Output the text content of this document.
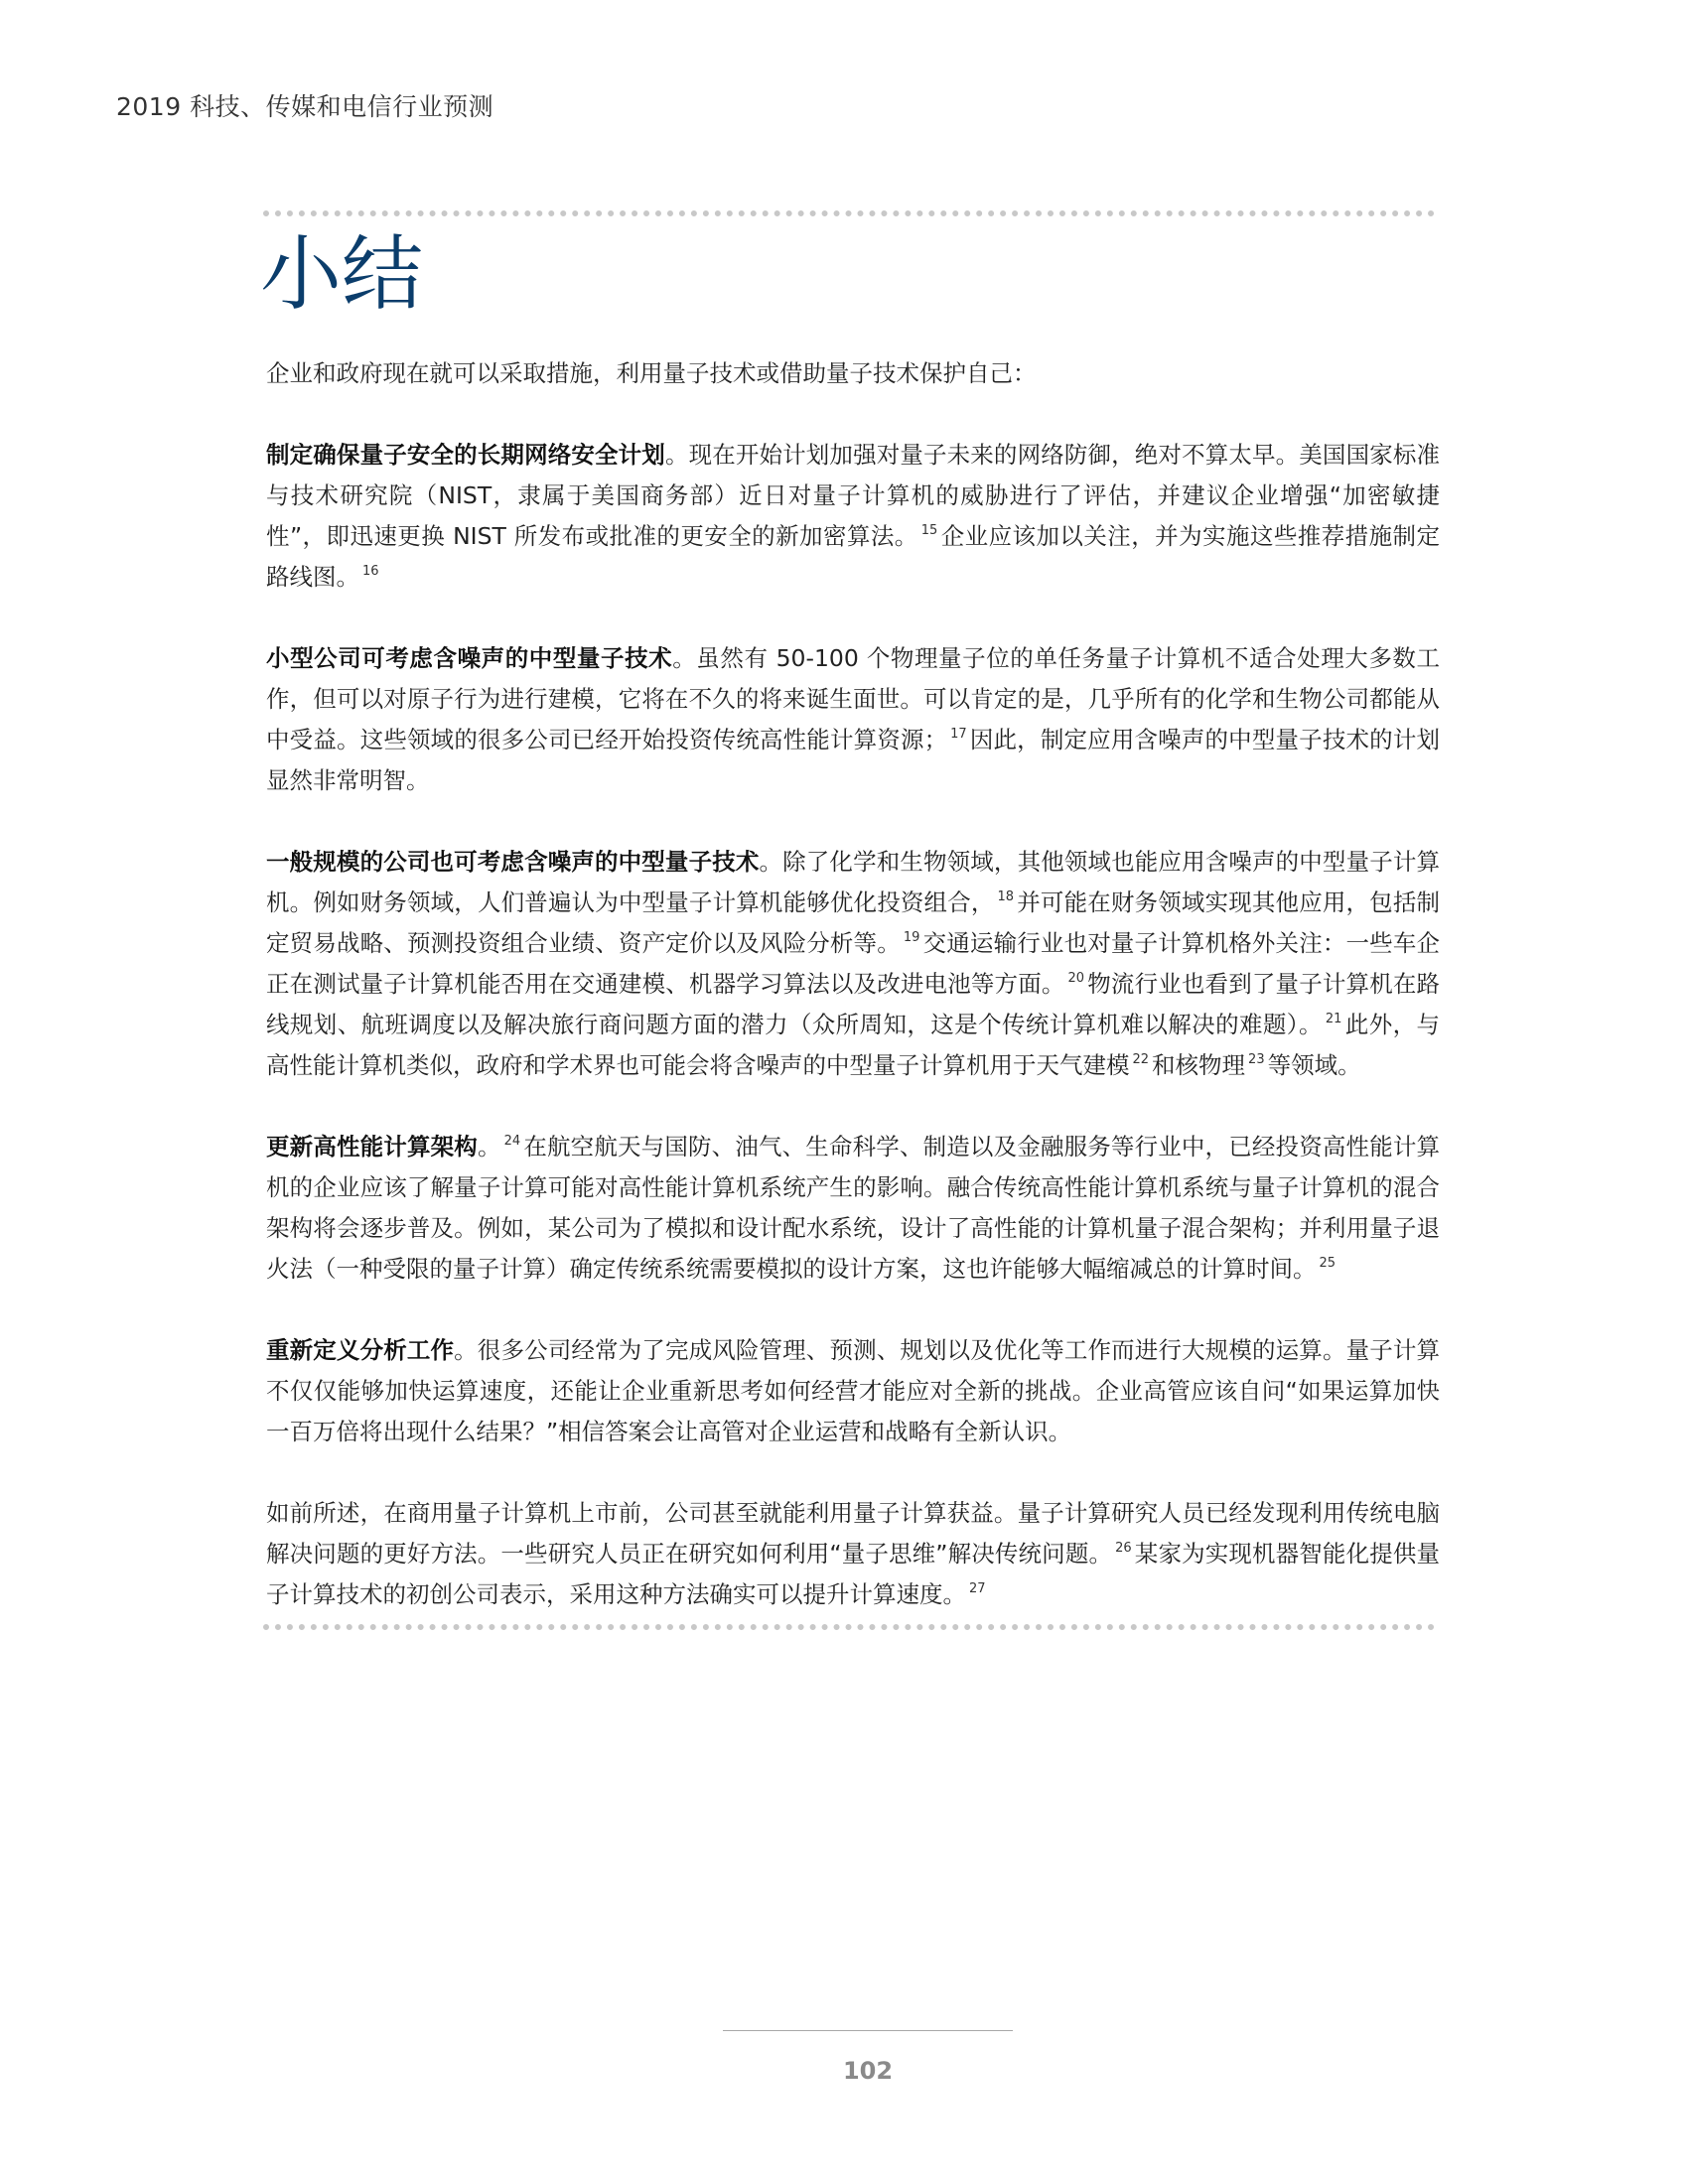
2019 科技、传媒和电信行业预测
小结

企业和政府现在就可以采取措施，利用量子技术或借助量子技术保护自己：

制定确保量子安全的长期网络安全计划。现在开始计划加强对量子未来的网络防御，绝对不算太早。美国国家标准与技术研究院（NIST，隶属于美国商务部）近日对量子计算机的威胁进行了评估，并建议企业增强“加密敏捷性”，即迅速更换 NIST 所发布或批准的更安全的新加密算法。 $^{15}$ 企业应该加以关注，并为实施这些推荐措施制定路线图。 $^{16}$

小型公司可考虑含噪声的中型量子技术。虽然有 50-100 个物理量子位的单任务量子计算机不适合处理大多数工作，但可以对原子行为进行建模，它将在不久的将来诞生面世。可以肯定的是，几乎所有的化学和生物公司都能从中受益。这些领域的很多公司已经开始投资传统高性能计算资源； $^{17}$ 因此，制定应用含噪声的中型量子技术的计划显然非常明智。

一般规模的公司也可考虑含噪声的中型量子技术。除了化学和生物领域，其他领域也能应用含噪声的中型量子计算机。例如财务领域，人们普遍认为中型量子计算机能够优化投资组合， $^{18}$ 并可能在财务领域实现其他应用，包括制定贸易战略、预测投资组合业绩、资产定价以及风险分析等。 $^{19}$ 交通运输行业也对量子计算机格外关注：一些车企正在测试量子计算机能否用在交通建模、机器学习算法以及改进电池等方面。 $^{20}$ 物流行业也看到了量子计算机在路线规划、航班调度以及解决旅行商问题方面的潜力（众所周知，这是个传统计算机难以解决的难题）。 $^{21}$ 此外，与高性能计算机类似，政府和学术界也可能会将含噪声的中型量子计算机用于天气建模 $^{22}$ 和核物理 $^{23}$ 等领域。

更新高性能计算架构。 $^{24}$ 在航空航天与国防、油气、生命科学、制造以及金融服务等行业中，已经投资高性能计算机的企业应该了解量子计算可能对高性能计算机系统产生的影响。融合传统高性能计算机系统与量子计算机的混合架构将会逐步普及。例如，某公司为了模拟和设计配水系统，设计了高性能的计算机量子混合架构；并利用量子退火法（一种受限的量子计算）确定传统系统需要模拟的设计方案，这也许能够大幅缩减总的计算时间。 $^{25}$

重新定义分析工作。很多公司经常为了完成风险管理、预测、规划以及优化等工作而进行大规模的运算。量子计算不仅仅能够加快运算速度，还能让企业重新思考如何经营才能应对全新的挑战。企业高管应该自问“如果运算加快一百万倍将出现什么结果？”相信答案会让高管对企业运营和战略有全新认识。

如前所述，在商用量子计算机上市前，公司甚至就能利用量子计算获益。量子计算研究人员已经发现利用传统电脑解决问题的更好方法。一些研究人员正在研究如何利用“量子思维”解决传统问题。 $^{26}$ 某家为实现机器智能化提供量子计算技术的初创公司表示，采用这种方法确实可以提升计算速度。 $^{27}$

102
